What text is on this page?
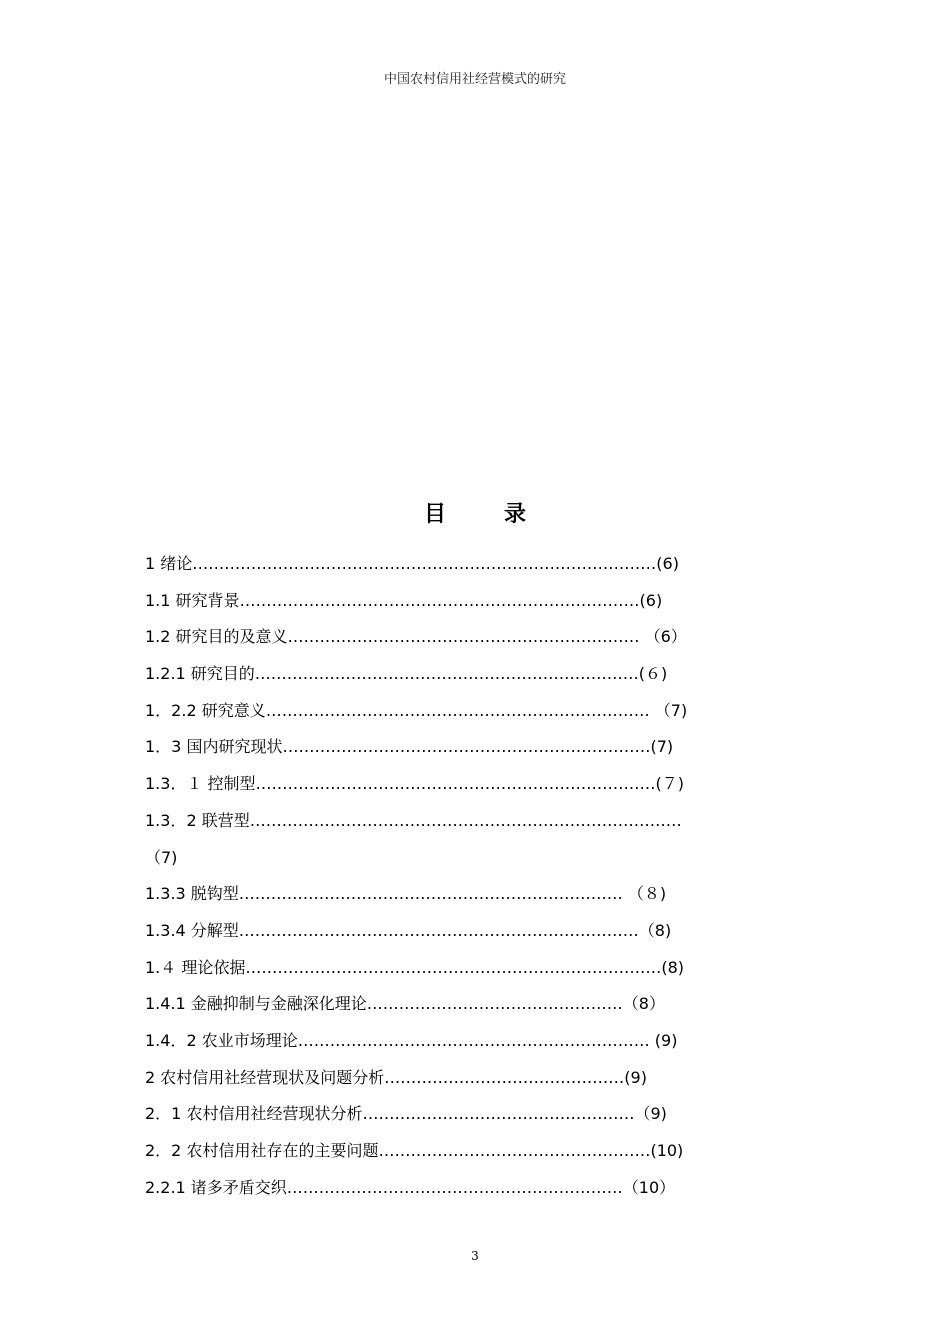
中国农村信用社经营模式的研究
目	录
1 绪论……………………………………………………………………………(6)
1.1 研究背景…………………………………………………………………(6)
1.2 研究目的及意义………………………………………………………… （6）
1.2.1 研究目的………………………………………………………………(６)
1．2.2 研究意义……………………………………………………………… （7)
1．3 国内研究现状……………………………………………………………(7)
1.3．１ 控制型…………………………………………………………………(７)
1.3．2 联营型………………………………………………………………………
（7)
1.3.3 脱钩型……………………………………………………………… （８)
1.3.4 分解型…………………………………………………………………（8)
1.４ 理论依据……………………………………………………………………(8)
1.4.1 金融抑制与金融深化理论…………………………………………（8）
1.4．2 农业市场理论………………………………………………………… (9)
2 农村信用社经营现状及问题分析………………………………………(9)
2．1 农村信用社经营现状分析……………………………………………（9)
2．2 农村信用社存在的主要问题……………………………………………(10)
2.2.1 诸多矛盾交织………………………………………………………（10）
3
